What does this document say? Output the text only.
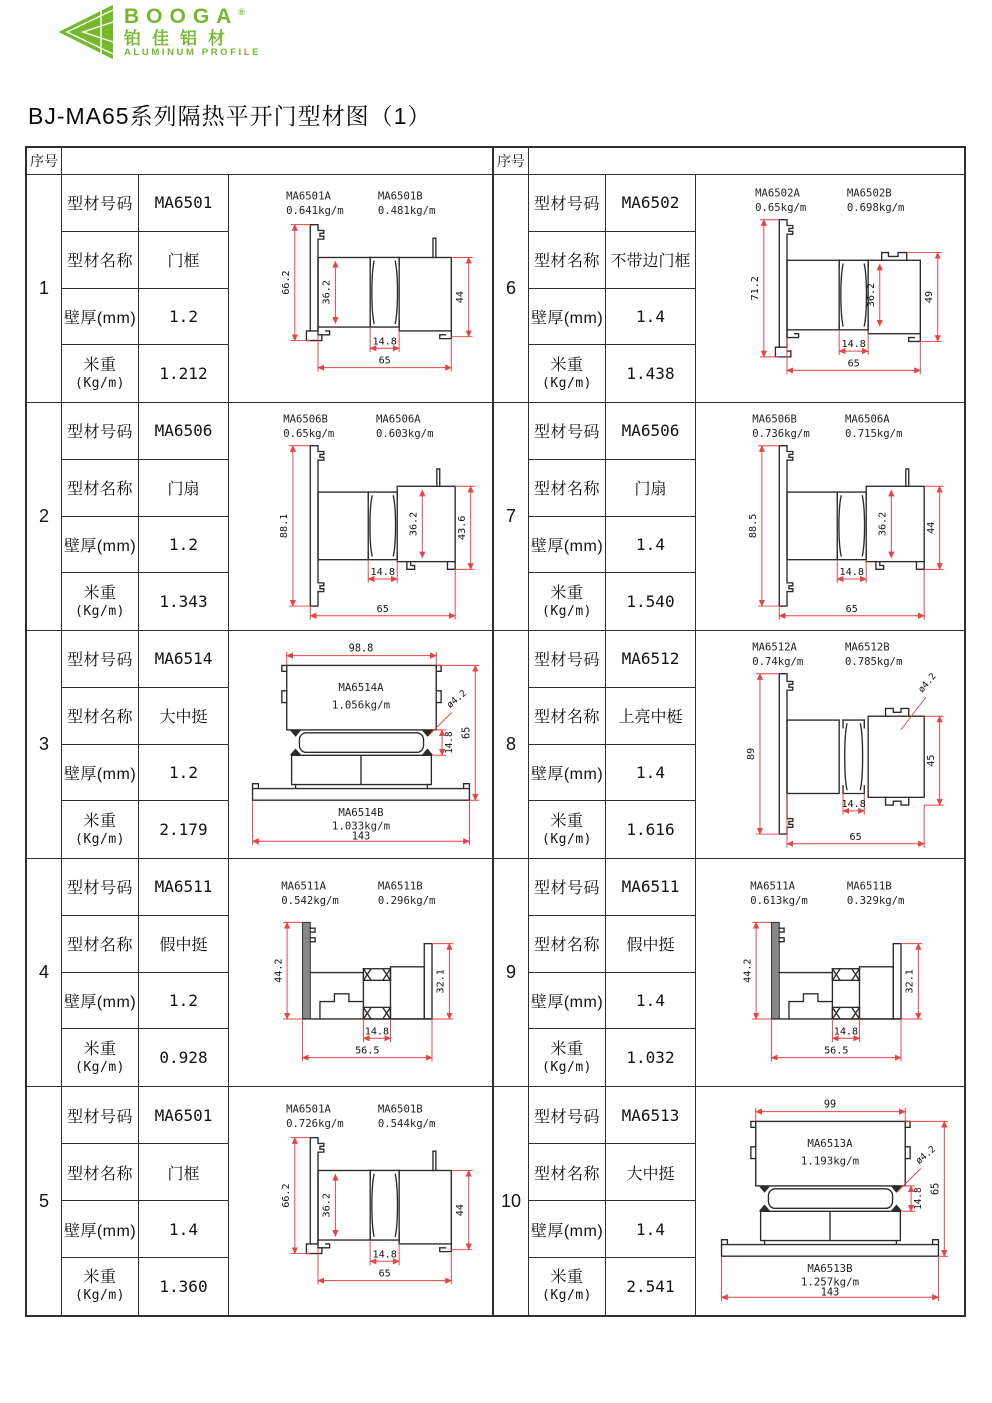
BOOGA®
铂佳铝材
ALUMINUM PROFILE
BJ-MA65系列隔热平开门型材图（1）
序号	序号
1
型材号码	MA6501
型材名称	门框
壁厚(mm)	1.2
米重
(Kg/m)	1.212
MA6501A
0.641kg/m
MA6501B
0.481kg/m
66.2	36.2	44
14.8
65
2
型材号码	MA6506
型材名称	门扇
壁厚(mm)	1.2
米重
(Kg/m)	1.343
MA6506B
0.65kg/m
MA6506A
0.603kg/m
88.1	36.2	43.6
14.8
65
3
型材号码	MA6514
型材名称	大中挺
壁厚(mm)	1.2
米重
(Kg/m)	2.179
MA6514A
1.056kg/m
MA6514B
1.033kg/m
98.8
ø4.2
14.8 65
143
4
型材号码	MA6511
型材名称	假中挺
壁厚(mm)	1.2
米重
(Kg/m)	0.928
MA6511A
0.542kg/m
MA6511B
0.296kg/m
44.2	32.1
14.8
56.5
5
型材号码	MA6501
型材名称	门框
壁厚(mm)	1.4
米重
(Kg/m)	1.360
MA6501A
0.726kg/m
MA6501B
0.544kg/m
66.2	36.2	44
14.8
65
6
型材号码	MA6502
型材名称 不带边门框
壁厚(mm)	1.4
米重
(Kg/m)	1.438
MA6502A
0.65kg/m
MA6502B
0.698kg/m
71.2	36.2	49
14.8
65
7
型材号码	MA6506
型材名称	门扇
壁厚(mm)	1.4
米重
(Kg/m)	1.540
MA6506B
0.736kg/m
MA6506A
0.715kg/m
88.5	36.2	44
14.8
65
8
型材号码	MA6512
型材名称	上亮中梃
壁厚(mm)	1.4
米重
(Kg/m)	1.616
MA6512A
0.74kg/m
MA6512B
0.785kg/m
89
ø4.2
45
14.8
65
9
型材号码	MA6511
型材名称	假中挺
壁厚(mm)	1.4
米重
(Kg/m)	1.032
MA6511A
0.613kg/m
MA6511B
0.329kg/m
44.2	32.1
14.8
56.5
10
型材号码	MA6513
型材名称	大中挺
壁厚(mm)	1.4
米重
(Kg/m)	2.541
MA6513A
1.193kg/m
MA6513B
1.257kg/m
99
ø4.2
14.8 65
143
